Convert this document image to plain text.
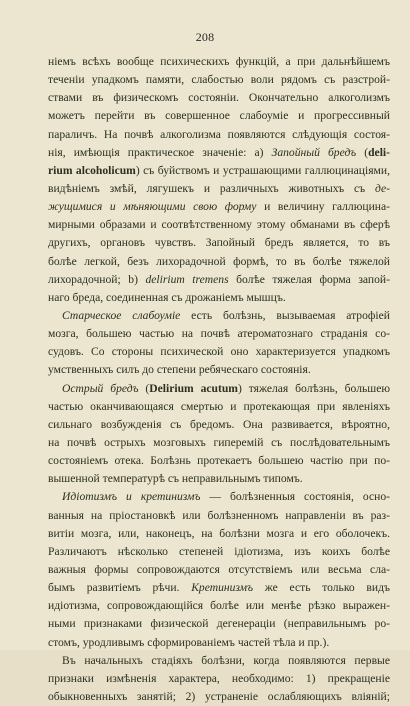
208
ніемъ всѣхъ вообще психическихъ функцій, а при дальнѣйшемъ
теченіи упадкомъ памяти, слабостью воли рядомъ съ разстрой-
ствами въ физическомъ состояніи. Окончательно алкоголизмъ
можетъ перейти въ совершенное слабоуміе и прогрессивный
параличъ. На почвѣ алкоголизма появляются слѣдующія состоя-
нія, имѣющія практическое значеніе: a) Запойный бредъ (deli-
rium alcoholicum) съ буйствомъ и устрашающими галлюцинаціями,
видѣніемъ змѣй, лягушекъ и различныхъ животныхъ съ де-
жущимися и мѣняющими свою форму и величину галлюцина-
мирными образами и соотвѣтственному этому обманами въ сферѣ
другихъ, органовъ чувствъ. Запойный бредъ является, то въ
болѣе легкой, безъ лихорадочной формѣ, то въ болѣе тяжелой
лихорадочной; b) delirium tremens болѣе тяжелая форма запой-
наго бреда, соединенная съ дрожаніемъ мышцъ.
Старческое слабоуміе есть болѣзнь, вызываемая атрофіей
мозга, большею частью на почвѣ атероматознаго страданія со-
судовъ. Со стороны психической оно характеризуется упадкомъ
умственныхъ силъ до степени ребяческаго состоянія.
Острый бредъ (Delirium acutum) тяжелая болѣзнь, большею
частью оканчивающаяся смертью и протекающая при явленіяхъ
сильнаго возбужденія съ бредомъ. Она развивается, вѣроятно,
на почвѣ острыхъ мозговыхъ гиперемій съ послѣдовательнымъ
состояніемъ отека. Болѣзнь протекаетъ большею частію при по-
вышенной температурѣ съ неправильнымъ типомъ.
Идіотизмъ и кретинизмъ — болѣзненныя состоянія, осно-
ванныя на пріостановкѣ или болѣзненномъ направленіи въ раз-
витіи мозга, или, наконецъ, на болѣзни мозга и его оболочекъ.
Различаютъ нѣсколько степеней ідіотизма, изъ коихъ болѣе
важныя формы сопровождаются отсутствіемъ или весьма сла-
бымъ развитіемъ рѣчи. Кретинизмъ же есть только видъ
идіотизма, сопровождающійся болѣе или менѣе рѣзко выражен-
ными признаками физической дегенераціи (неправильнымъ ро-
стомъ, уродливымъ сформированіемъ частей тѣла и пр.).
Въ начальныхъ стадіяхъ болѣзни, когда появляются первые
признаки измѣненія характера, необходимо: 1) прекращеніе
обыкновенныхъ занятій; 2) устраненіе ослабляющихъ вліяній;
